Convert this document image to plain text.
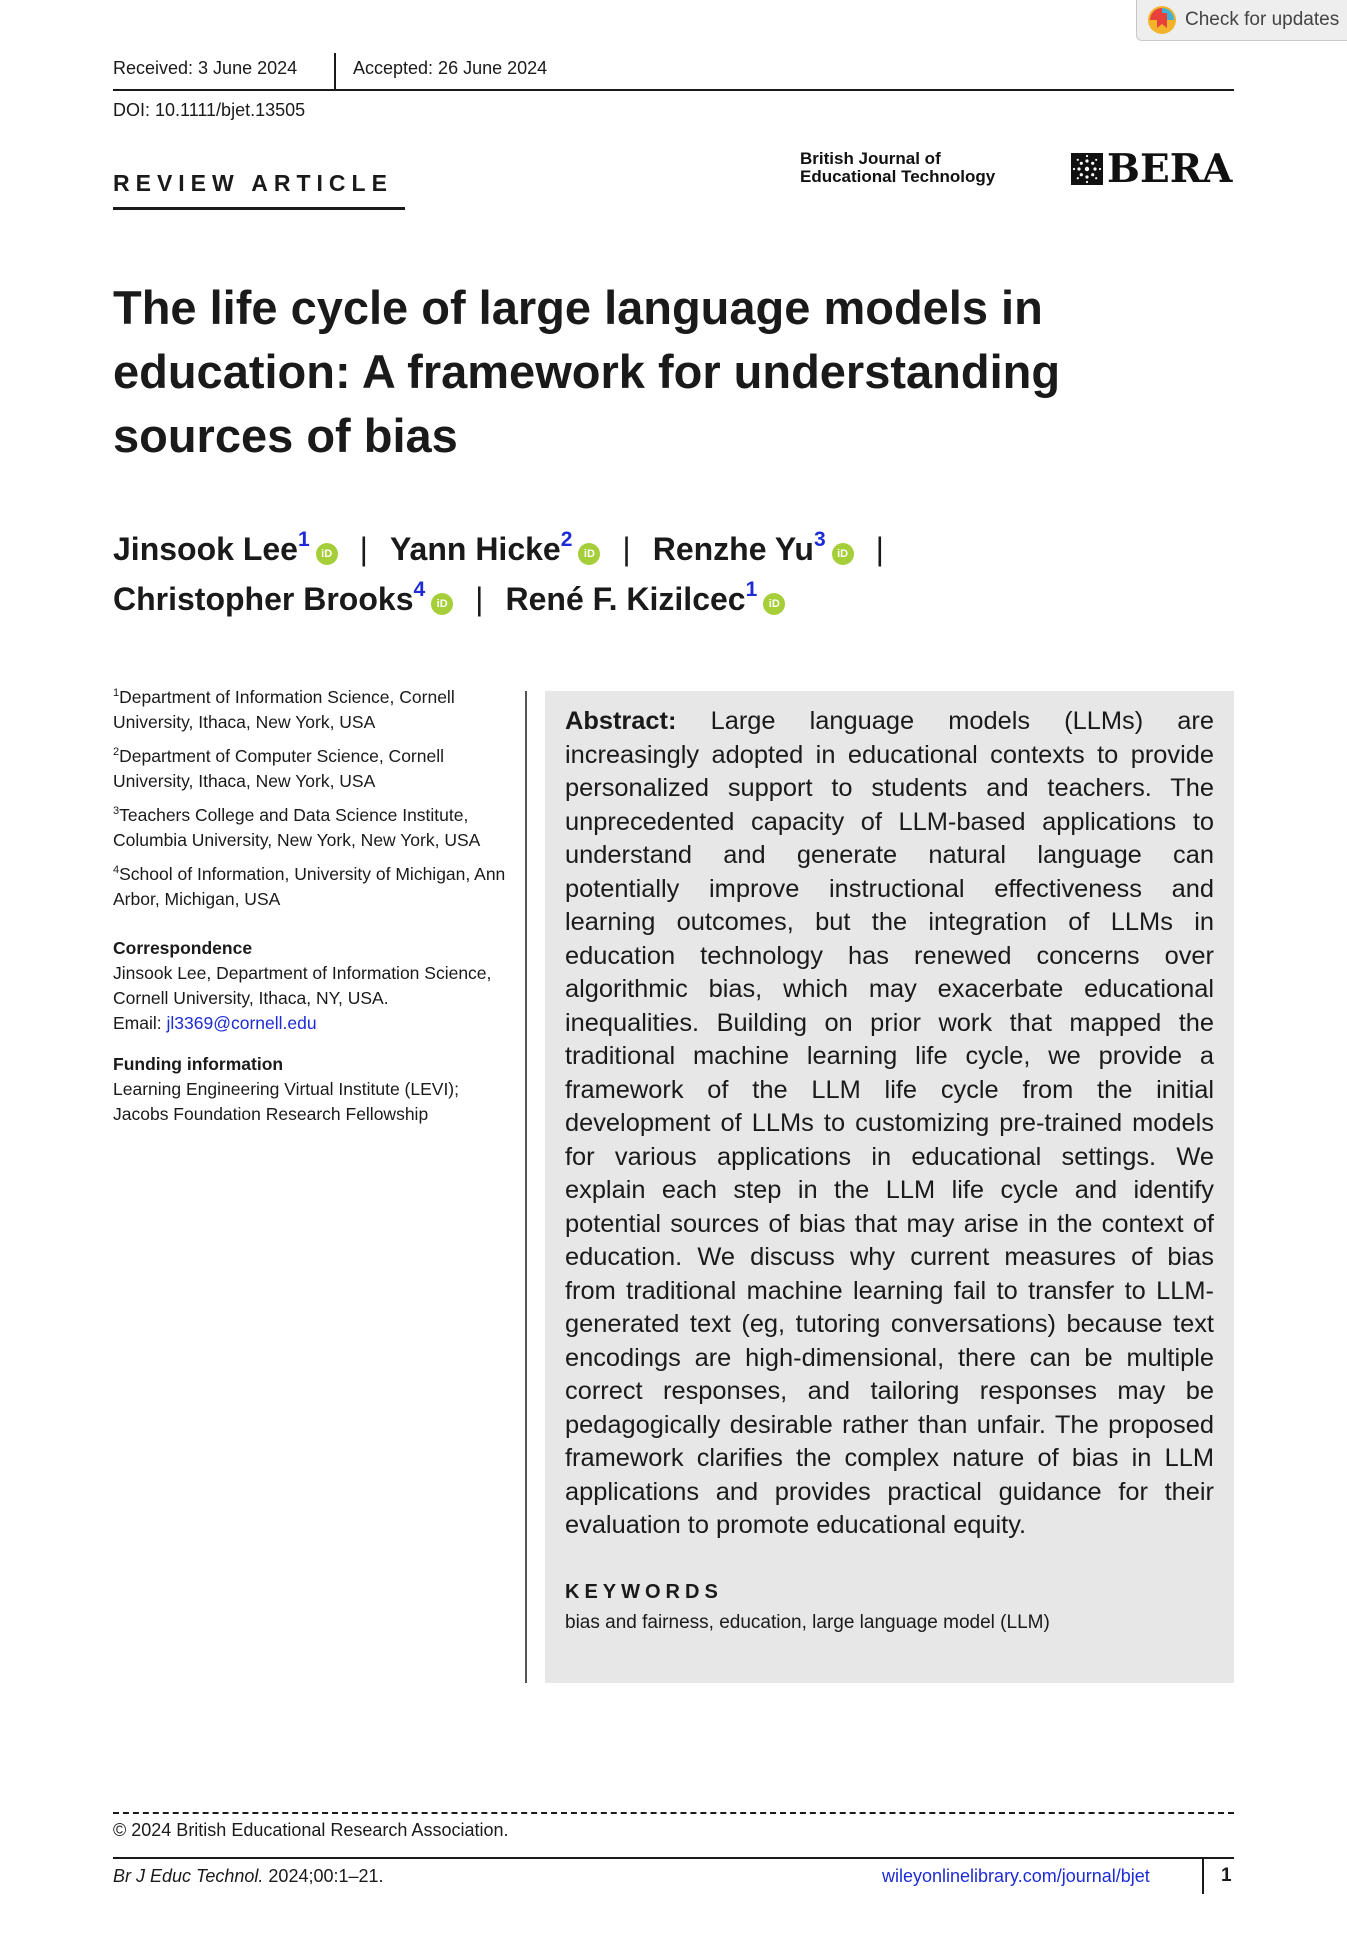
Check for updates
Received: 3 June 2024	Accepted: 26 June 2024
DOI: 10.1111/bjet.13505
REVIEW ARTICLE
British Journal of
Educational Technology	BERA
The life cycle of large language models in
education: A framework for understanding
sources of bias
Jinsook Lee$^1$iD | Yann Hicke$^2$iD | Renzhe Yu$^3$iD |
Christopher Brooks$^4$iD | René F. Kizilcec$^1$iD
$^1$Department of Information Science, Cornell University, Ithaca, New York, USA
$^2$Department of Computer Science, Cornell University, Ithaca, New York, USA
$^3$Teachers College and Data Science Institute, Columbia University, New York, New York, USA
$^4$School of Information, University of Michigan, Ann Arbor, Michigan, USA
Correspondence
Jinsook Lee, Department of Information Science, Cornell University, Ithaca, NY, USA.
Email: jl3369@cornell.edu
Funding information
Learning Engineering Virtual Institute (LEVI); Jacobs Foundation Research Fellowship
Abstract: Large language models (LLMs) are increasingly adopted in educational contexts to provide personalized support to students and teachers. The unprecedented capacity of LLM-based applications to understand and generate natural language can potentially improve instructional effectiveness and learning outcomes, but the integration of LLMs in education technology has renewed concerns over algorithmic bias, which may exacerbate educational inequalities. Building on prior work that mapped the traditional machine learning life cycle, we provide a framework of the LLM life cycle from the initial development of LLMs to customizing pre-trained models for various applications in educational settings. We explain each step in the LLM life cycle and identify potential sources of bias that may arise in the context of education. We discuss why current measures of bias from traditional machine learning fail to transfer to LLM-generated text (eg, tutoring conversations) because text encodings are high-dimensional, there can be multiple correct responses, and tailoring responses may be pedagogically desirable rather than unfair. The proposed framework clarifies the complex nature of bias in LLM applications and provides practical guidance for their evaluation to promote educational equity.
KEYWORDS
bias and fairness, education, large language model (LLM)
© 2024 British Educational Research Association.
Br J Educ Technol. 2024;00:1–21.	wileyonlinelibrary.com/journal/bjet	1
